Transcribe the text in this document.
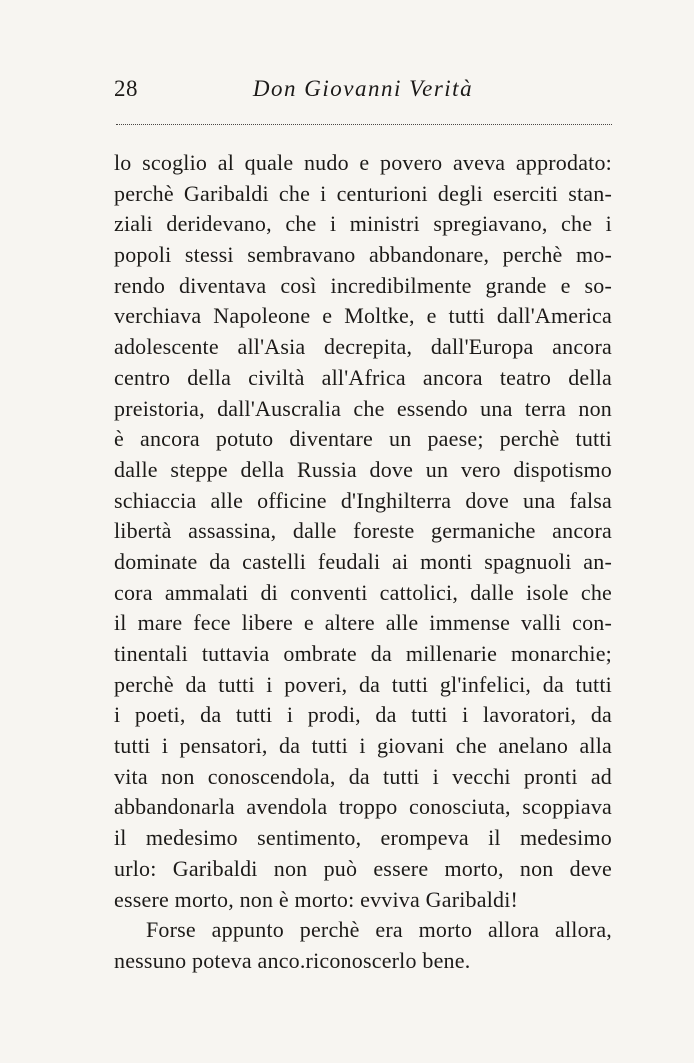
28	Don Giovanni Verità
lo scoglio al quale nudo e povero aveva approdato:
perchè Garibaldi che i centurioni degli eserciti stan-
ziali deridevano, che i ministri spregiavano, che i
popoli stessi sembravano abbandonare, perchè mo-
rendo diventava così incredibilmente grande e so-
verchiava Napoleone e Moltke, e tutti dall'America
adolescente all'Asia decrepita, dall'Europa ancora
centro della civiltà all'Africa ancora teatro della
preistoria, dall'Auscralia che essendo una terra non
è ancora potuto diventare un paese; perchè tutti
dalle steppe della Russia dove un vero dispotismo
schiaccia alle officine d'Inghilterra dove una falsa
libertà assassina, dalle foreste germaniche ancora
dominate da castelli feudali ai monti spagnuoli an-
cora ammalati di conventi cattolici, dalle isole che
il mare fece libere e altere alle immense valli con-
tinentali tuttavia ombrate da millenarie monarchie;
perchè da tutti i poveri, da tutti gl'infelici, da tutti
i poeti, da tutti i prodi, da tutti i lavoratori, da
tutti i pensatori, da tutti i giovani che anelano alla
vita non conoscendola, da tutti i vecchi pronti ad
abbandonarla avendola troppo conosciuta, scoppiava
il medesimo sentimento, erompeva il medesimo
urlo: Garibaldi non può essere morto, non deve
essere morto, non è morto: evviva Garibaldi!
Forse appunto perchè era morto allora allora,
nessuno poteva anco.riconoscerlo bene.
